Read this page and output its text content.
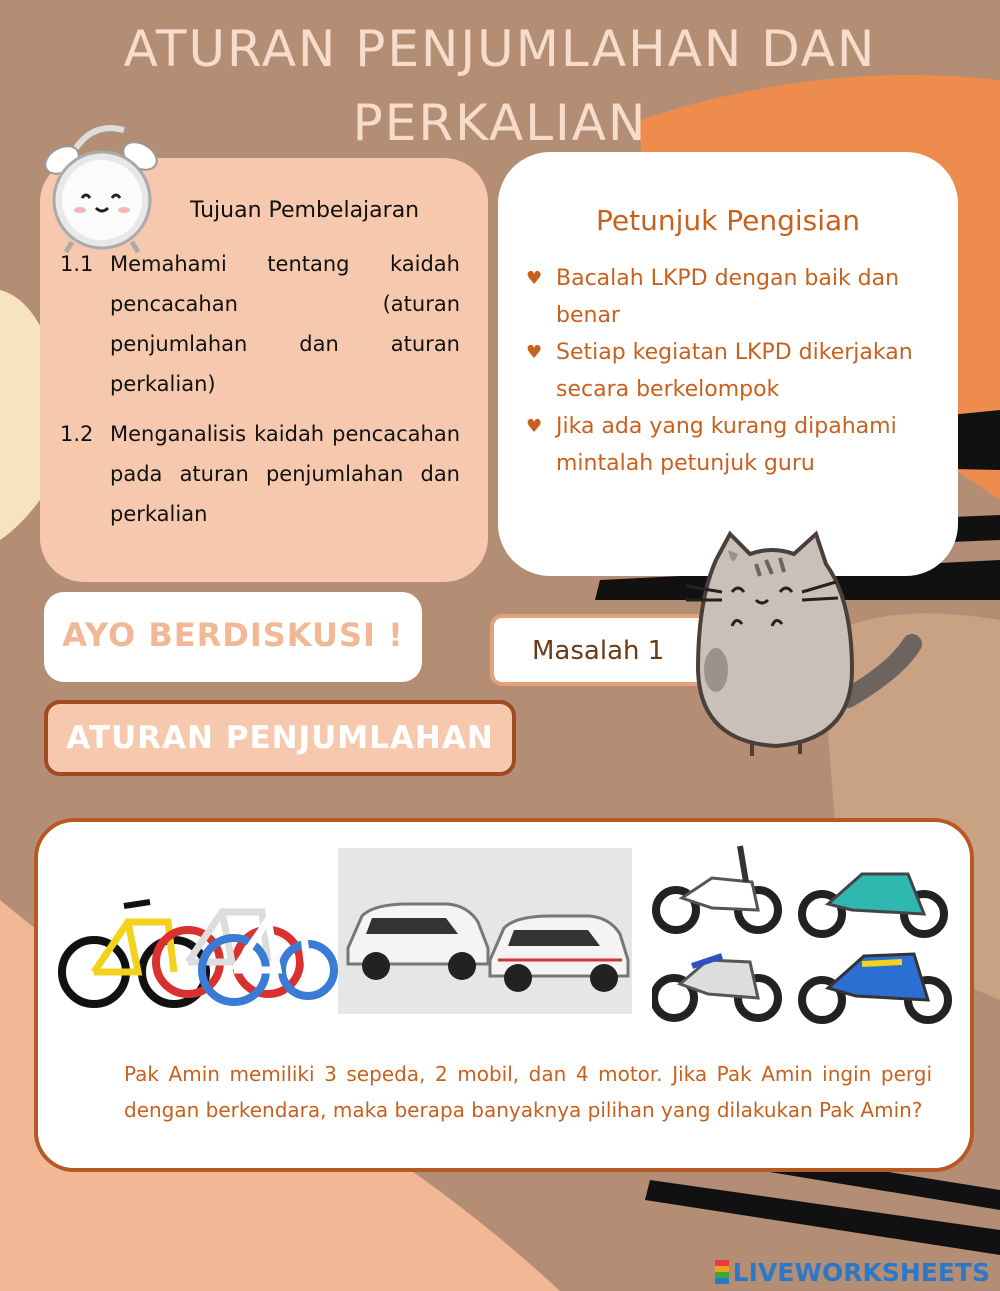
ATURAN PENJUMLAHAN DAN
PERKALIAN
Tujuan Pembelajaran
1.1 Memahami tentang kaidah pencacahan (aturan penjumlahan dan aturan perkalian)
1.2 Menganalisis kaidah pencacahan pada aturan penjumlahan dan perkalian
Petunjuk Pengisian
♥ Bacalah LKPD dengan baik dan benar
♥ Setiap kegiatan LKPD dikerjakan secara berkelompok
♥ Jika ada yang kurang dipahami mintalah petunjuk guru
AYO BERDISKUSI !
ATURAN PENJUMLAHAN
Masalah 1
Pak Amin memiliki 3 sepeda, 2 mobil, dan 4 motor. Jika Pak Amin ingin pergi dengan berkendara, maka berapa banyaknya pilihan yang dilakukan Pak Amin?
LIVEWORKSHEETS
